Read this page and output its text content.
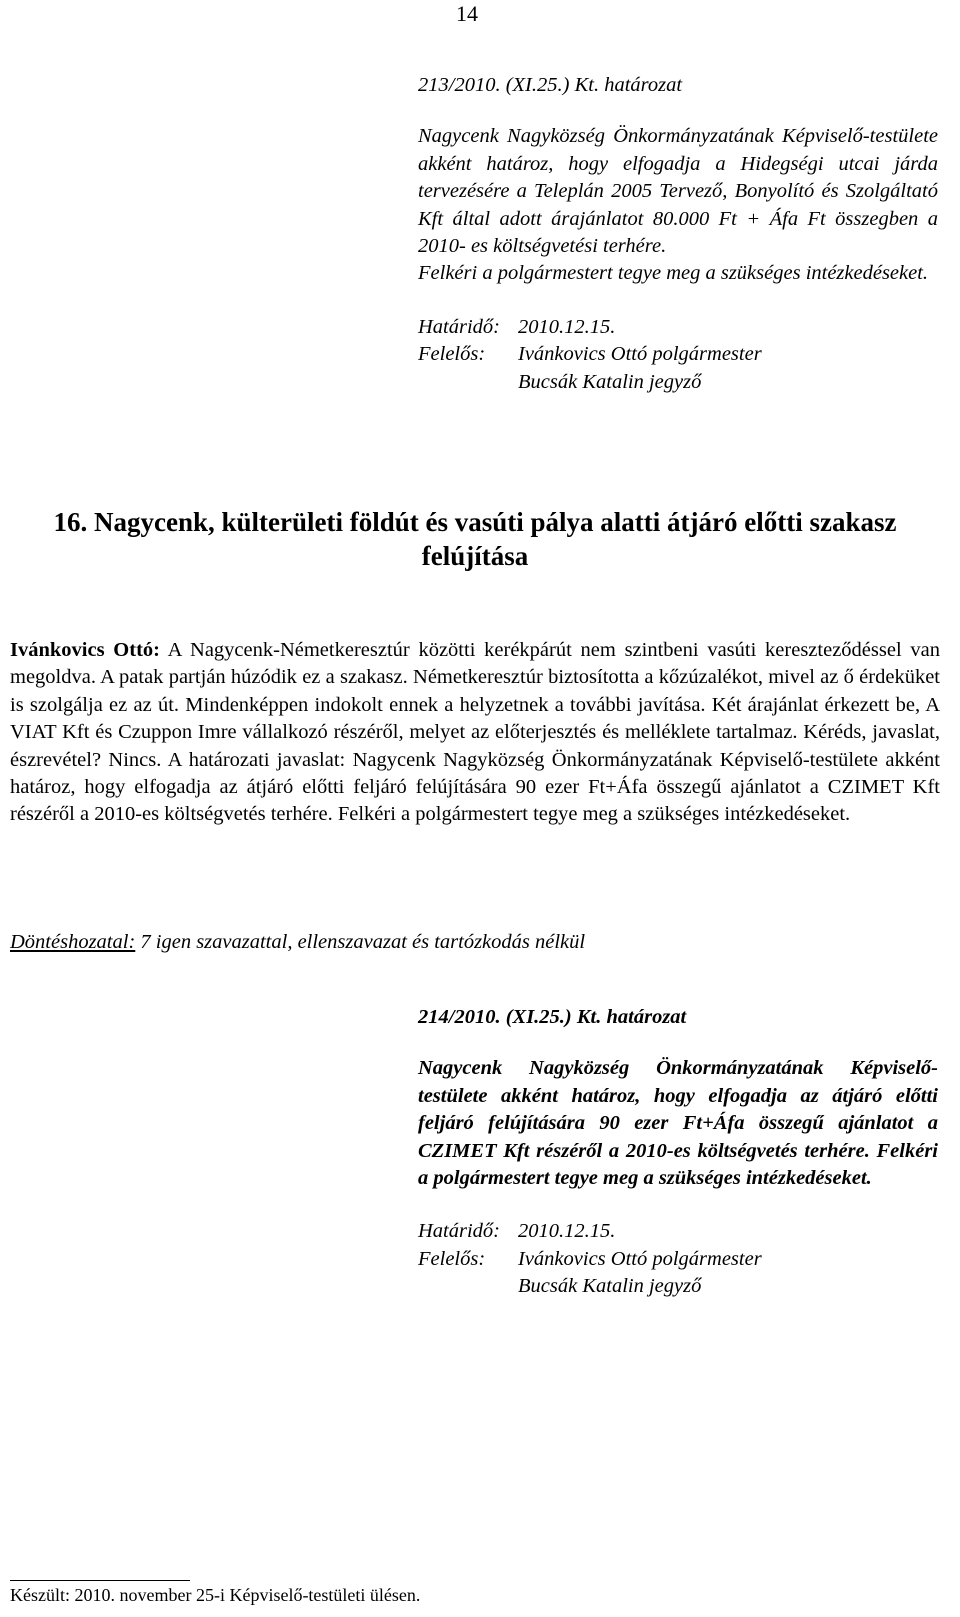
14

213/2010. (XI.25.) Kt. határozat

Nagycenk Nagyközség Önkormányzatának Képviselő-testülete akként határoz, hogy elfogadja a Hidegségi utcai járda tervezésére a Teleplán 2005 Tervező, Bonyolító és Szolgáltató Kft által adott árajánlatot 80.000 Ft + Áfa Ft összegben a 2010- es költségvetési terhére.

Felkéri a polgármestert tegye meg a szükséges intézkedéseket.

Határidő: 2010.12.15.
Felelős:	Ivánkovics Ottó polgármester
Bucsák Katalin jegyző
16. Nagycenk, külterületi földút és vasúti pálya alatti átjáró előtti szakasz felújítása

Ivánkovics Ottó: A Nagycenk-Németkeresztúr közötti kerékpárút nem szintbeni vasúti kereszteződéssel van megoldva. A patak partján húzódik ez a szakasz. Németkeresztúr biztosította a kőzúzalékot, mivel az ő érdeküket is szolgálja ez az út. Mindenképpen indokolt ennek a helyzetnek a további javítása. Két árajánlat érkezett be, A VIAT Kft és Czuppon Imre vállalkozó részéről, melyet az előterjesztés és melléklete tartalmaz. Kéréds, javaslat, észrevétel? Nincs. A határozati javaslat: Nagycenk Nagyközség Önkormányzatának Képviselő-testülete akként határoz, hogy elfogadja az átjáró előtti feljáró felújítására 90 ezer Ft+Áfa összegű ajánlatot a CZIMET Kft részéről a 2010-es költségvetés terhére. Felkéri a polgármestert tegye meg a szükséges intézkedéseket.

Döntéshozatal: 7 igen szavazattal, ellenszavazat és tartózkodás nélkül

214/2010. (XI.25.) Kt. határozat

Nagycenk Nagyközség Önkormányzatának Képviselő-testülete akként határoz, hogy elfogadja az átjáró előtti feljáró felújítására 90 ezer Ft+Áfa összegű ajánlatot a CZIMET Kft részéről a 2010-es költségvetés terhére. Felkéri a polgármestert tegye meg a szükséges intézkedéseket.

Határidő: 2010.12.15.
Felelős:	Ivánkovics Ottó polgármester
Bucsák Katalin jegyző

Készült: 2010. november 25-i Képviselő-testületi ülésen.
